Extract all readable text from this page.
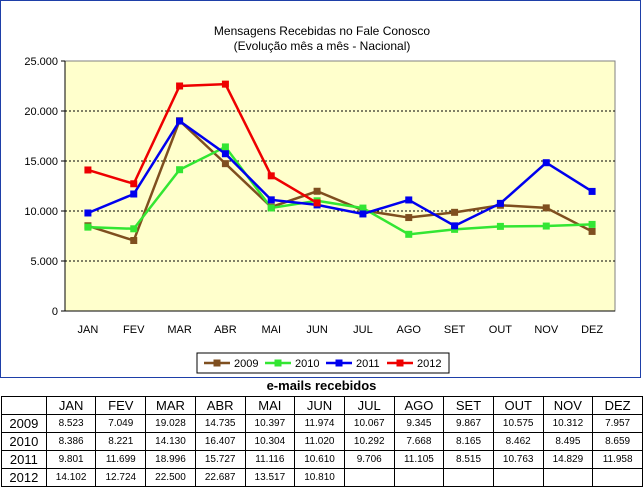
Mensagens Recebidas no Fale Conosco
(Evolução mês a mês - Nacional)
0
5.000
10.000
15.000
20.000
25.000
JAN FEV MAR ABR MAI JUN JUL AGO SET OUT NOV DEZ
2009	2010	2011	2012
e-mails recebidos
	JAN	FEV	MAR	ABR	MAI	JUN	JUL	AGO	SET	OUT	NOV	DEZ
2009	8.523	7.049	19.028	14.735	10.397	11.974	10.067	9.345	9.867	10.575	10.312	7.957
2010	8.386	8.221	14.130	16.407	10.304	11.020	10.292	7.668	8.165	8.462	8.495	8.659
2011	9.801	11.699	18.996	15.727	11.116	10.610	9.706	11.105	8.515	10.763	14.829	11.958
2012	14.102	12.724	22.500	22.687	13.517	10.810						
